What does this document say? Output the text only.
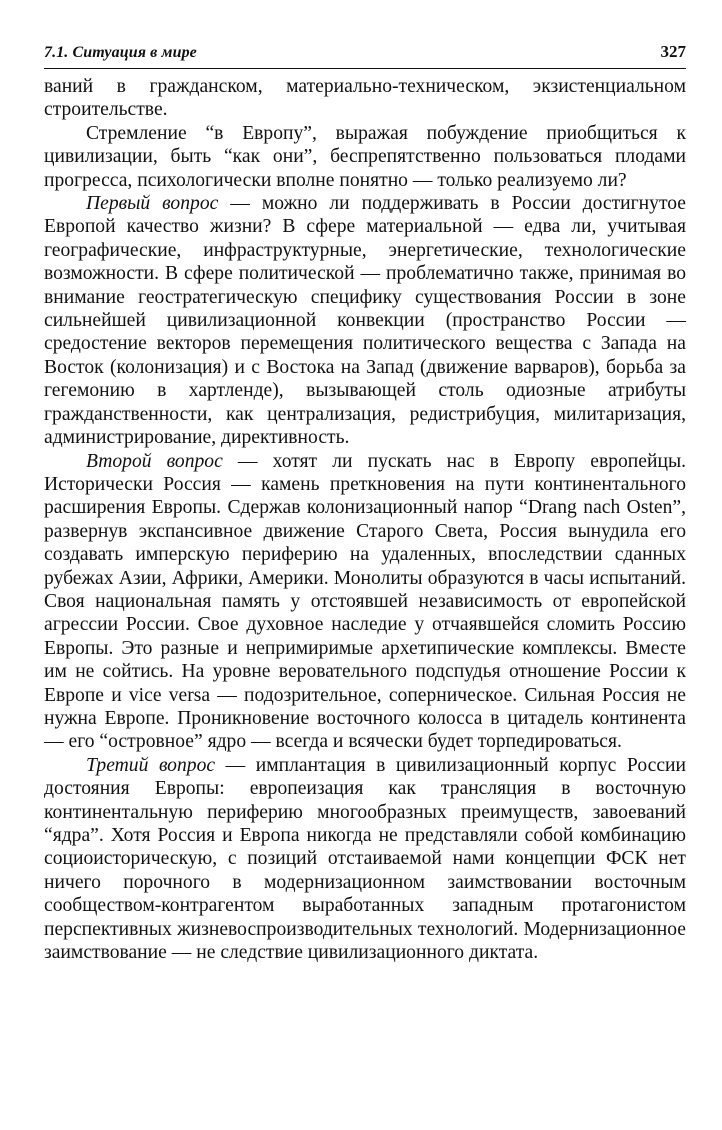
7.1. Ситуация в мире	327

ваний в гражданском, материально-техническом, экзистенциальном строительстве.

Стремление “в Европу”, выражая побуждение приобщиться к цивилизации, быть “как они”, беспрепятственно пользоваться плодами прогресса, психологически вполне понятно — только реализуемо ли?

Первый вопрос — можно ли поддерживать в России достигнутое Европой качество жизни? В сфере материальной — едва ли, учитывая географические, инфраструктурные, энергетические, технологические возможности. В сфере политической — проблематично также, принимая во внимание геостратегическую специфику существования России в зоне сильнейшей цивилизационной конвекции (пространство России — средостение векторов перемещения политического вещества с Запада на Восток (колонизация) и с Востока на Запад (движение варваров), борьба за гегемонию в хартленде), вызывающей столь одиозные атрибуты гражданственности, как централизация, редистрибуция, милитаризация, администрирование, директивность.

Второй вопрос — хотят ли пускать нас в Европу европейцы. Исторически Россия — камень преткновения на пути континентального расширения Европы. Сдержав колонизационный напор “Drang nach Osten”, развернув экспансивное движение Старого Света, Россия вынудила его создавать имперскую периферию на удаленных, впоследствии сданных рубежах Азии, Африки, Америки. Монолиты образуются в часы испытаний. Своя национальная память у отстоявшей независимость от европейской агрессии России. Свое духовное наследие у отчаявшейся сломить Россию Европы. Это разные и непримиримые архетипические комплексы. Вместе им не сойтись. На уровне веровательного подспудья отношение России к Европе и vice versa — подозрительное, соперническое. Сильная Россия не нужна Европе. Проникновение восточного колосса в цитадель континента — его “островное” ядро — всегда и всячески будет торпедироваться.

Третий вопрос — имплантация в цивилизационный корпус России достояния Европы: европеизация как трансляция в восточную континентальную периферию многообразных преимуществ, завоеваний “ядра”. Хотя Россия и Европа никогда не представляли собой комбинацию социоисторическую, с позиций отстаиваемой нами концепции ФСК нет ничего порочного в модернизационном заимствовании восточным сообществом-контрагентом выработанных западным протагонистом перспективных жизневоспроизводительных технологий. Модернизационное заимствование — не следствие цивилизационного диктата.
